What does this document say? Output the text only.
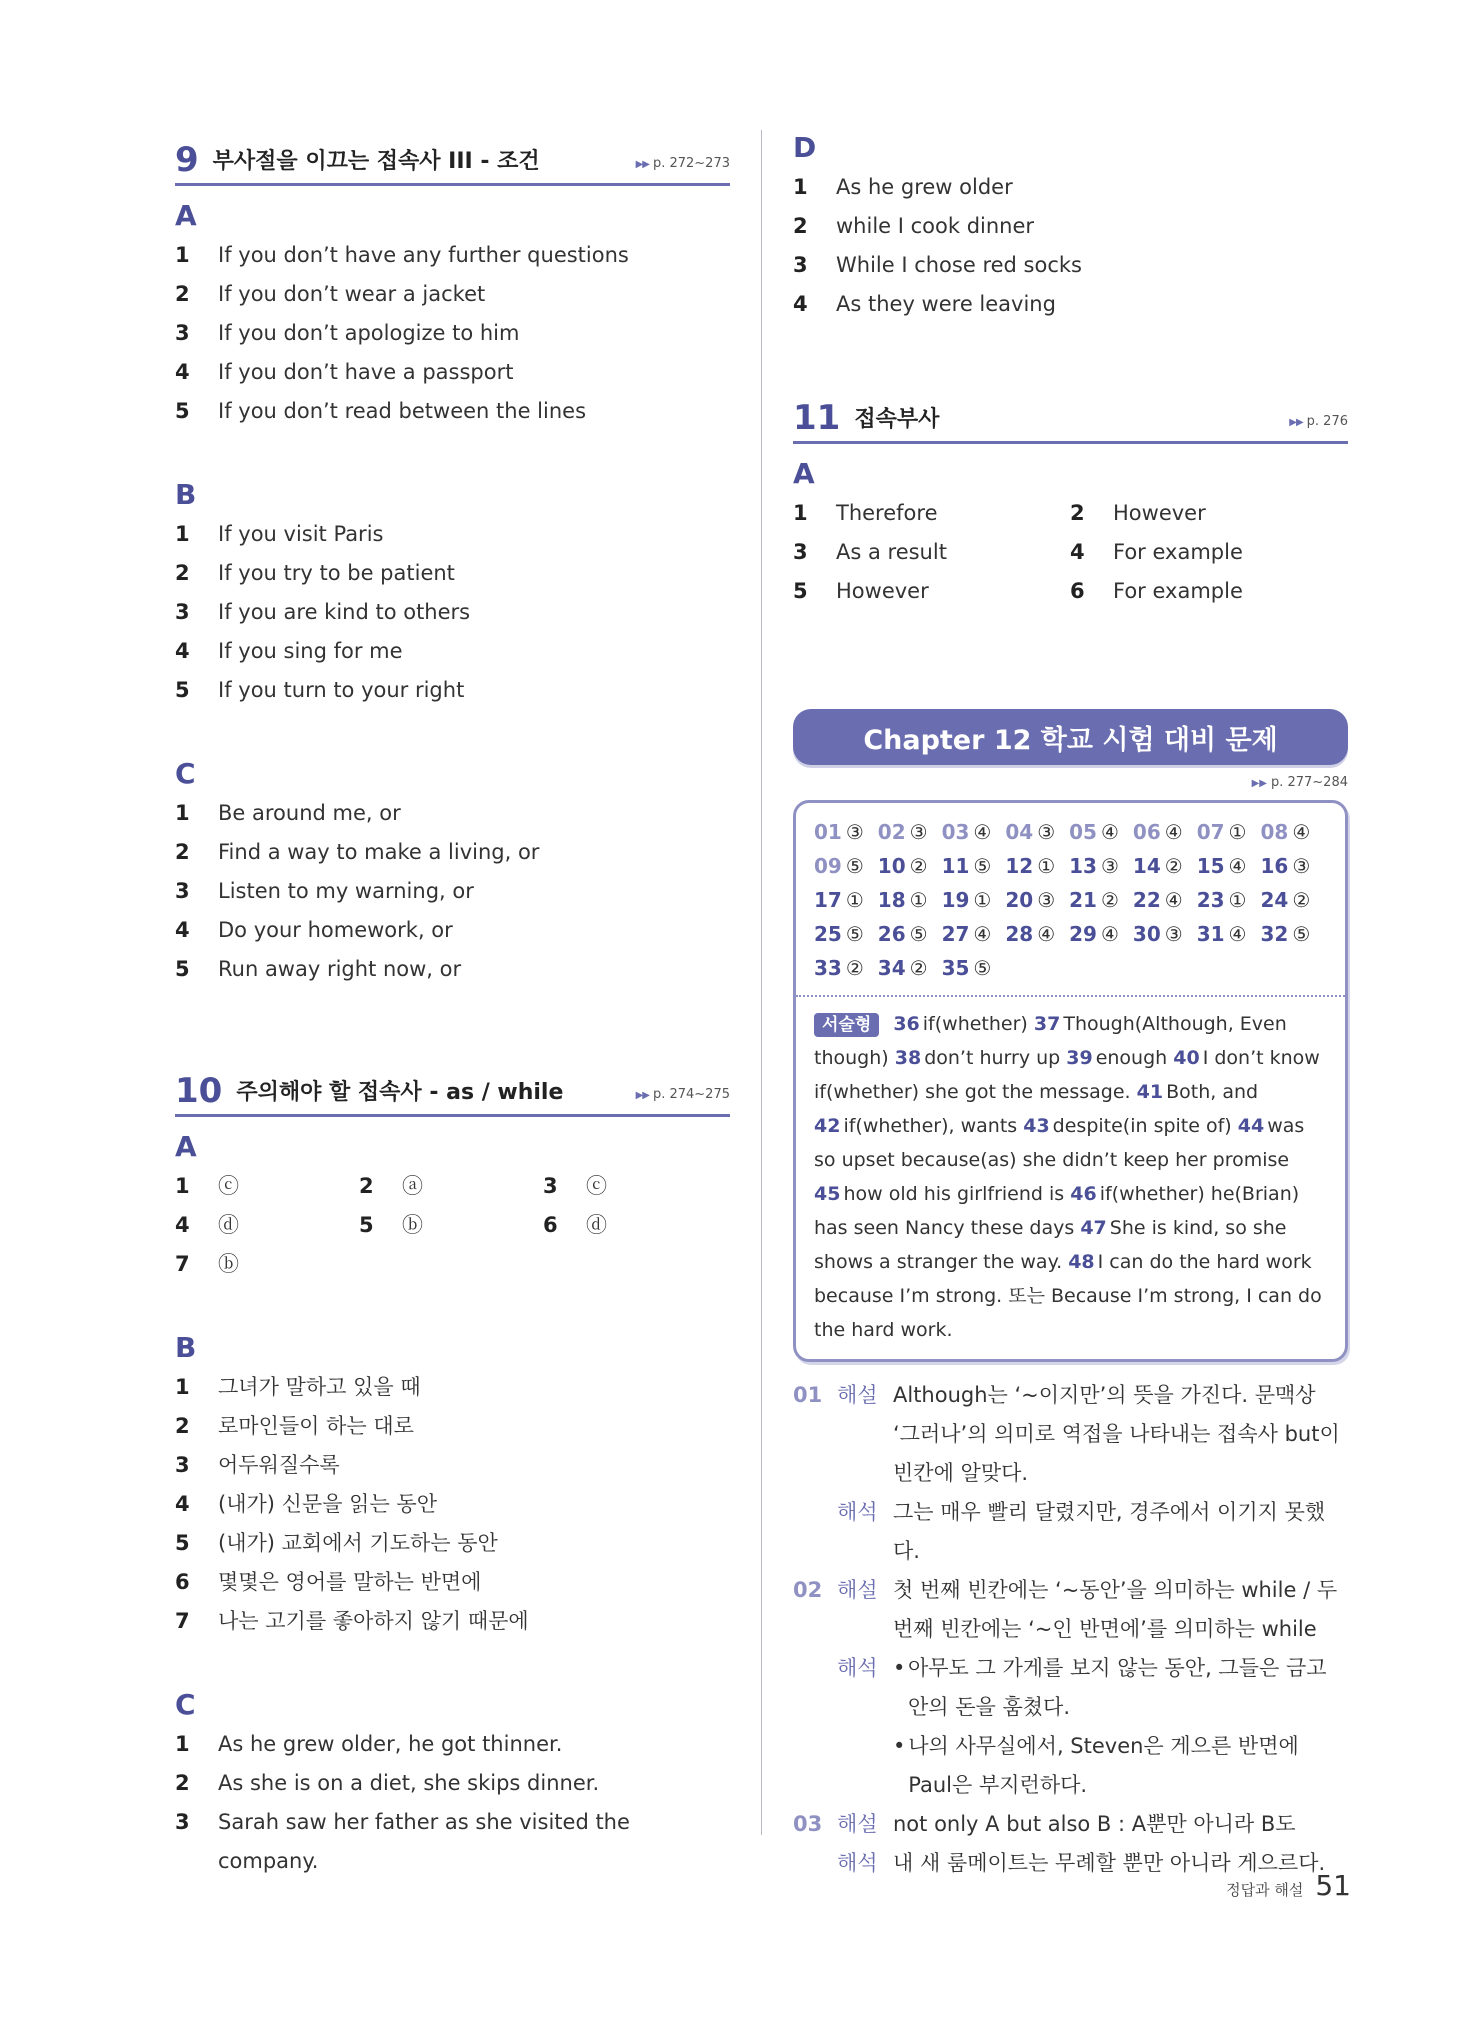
9 부사절을 이끄는 접속사 III - 조건	▶▶ p. 272~273
A
1	If you don’t have any further questions
2	If you don’t wear a jacket
3	If you don’t apologize to him
4	If you don’t have a passport
5	If you don’t read between the lines
B
1	If you visit Paris
2	If you try to be patient
3	If you are kind to others
4	If you sing for me
5	If you turn to your right
C
1	Be around me, or
2	Find a way to make a living, or
3	Listen to my warning, or
4	Do your homework, or
5	Run away right now, or
10 주의해야 할 접속사 - as / while	▶▶ p. 274~275
A
1	ⓒ	2	ⓐ	3	ⓒ
4	ⓓ	5	ⓑ	6	ⓓ
7	ⓑ
B
1	그녀가 말하고 있을 때
2	로마인들이 하는 대로
3	어두워질수록
4	(내가) 신문을 읽는 동안
5	(내가) 교회에서 기도하는 동안
6	몇몇은 영어를 말하는 반면에
7	나는 고기를 좋아하지 않기 때문에
C
1	As he grew older, he got thinner.
2	As she is on a diet, she skips dinner.
3	Sarah saw her father as she visited the company.
D
1	As he grew older
2	while I cook dinner
3	While I chose red socks
4	As they were leaving
11 접속부사	▶▶ p. 276
A
1	Therefore	2	However
3	As a result	4	For example
5	However	6	For example
Chapter 12 학교 시험 대비 문제
▶▶ p. 277~284
01 ③ 02 ③ 03 ④ 04 ③ 05 ④ 06 ④ 07 ① 08 ④
09 ⑤ 10 ② 11 ⑤ 12 ① 13 ③ 14 ② 15 ④ 16 ③
17 ① 18 ① 19 ① 20 ③ 21 ② 22 ④ 23 ① 24 ②
25 ⑤ 26 ⑤ 27 ④ 28 ④ 29 ④ 30 ③ 31 ④ 32 ⑤
33 ② 34 ② 35 ⑤
서술형 36 if(whether) 37 Though(Although, Even though) 38 don’t hurry up 39 enough 40 I don’t know if(whether) she got the message. 41 Both, and 42 if(whether), wants 43 despite(in spite of) 44 was so upset because(as) she didn’t keep her promise 45 how old his girlfriend is 46 if(whether) he(Brian) has seen Nancy these days 47 She is kind, so she shows a stranger the way. 48 I can do the hard work because I’m strong. 또는 Because I’m strong, I can do the hard work.
01 해설 Although는 ‘~이지만’의 뜻을 가진다. 문맥상 ‘그러나’의 의미로 역접을 나타내는 접속사 but이 빈칸에 알맞다.
해석 그는 매우 빨리 달렸지만, 경주에서 이기지 못했다.
02 해설 첫 번째 빈칸에는 ‘~동안’을 의미하는 while / 두 번째 빈칸에는 ‘~인 반면에’를 의미하는 while
해석 • 아무도 그 가게를 보지 않는 동안, 그들은 금고 안의 돈을 훔쳤다.
• 나의 사무실에서, Steven은 게으른 반면에 Paul은 부지런하다.
03 해설 not only A but also B : A뿐만 아니라 B도
해석 내 새 룸메이트는 무례할 뿐만 아니라 게으르다.
정답과 해설 51
